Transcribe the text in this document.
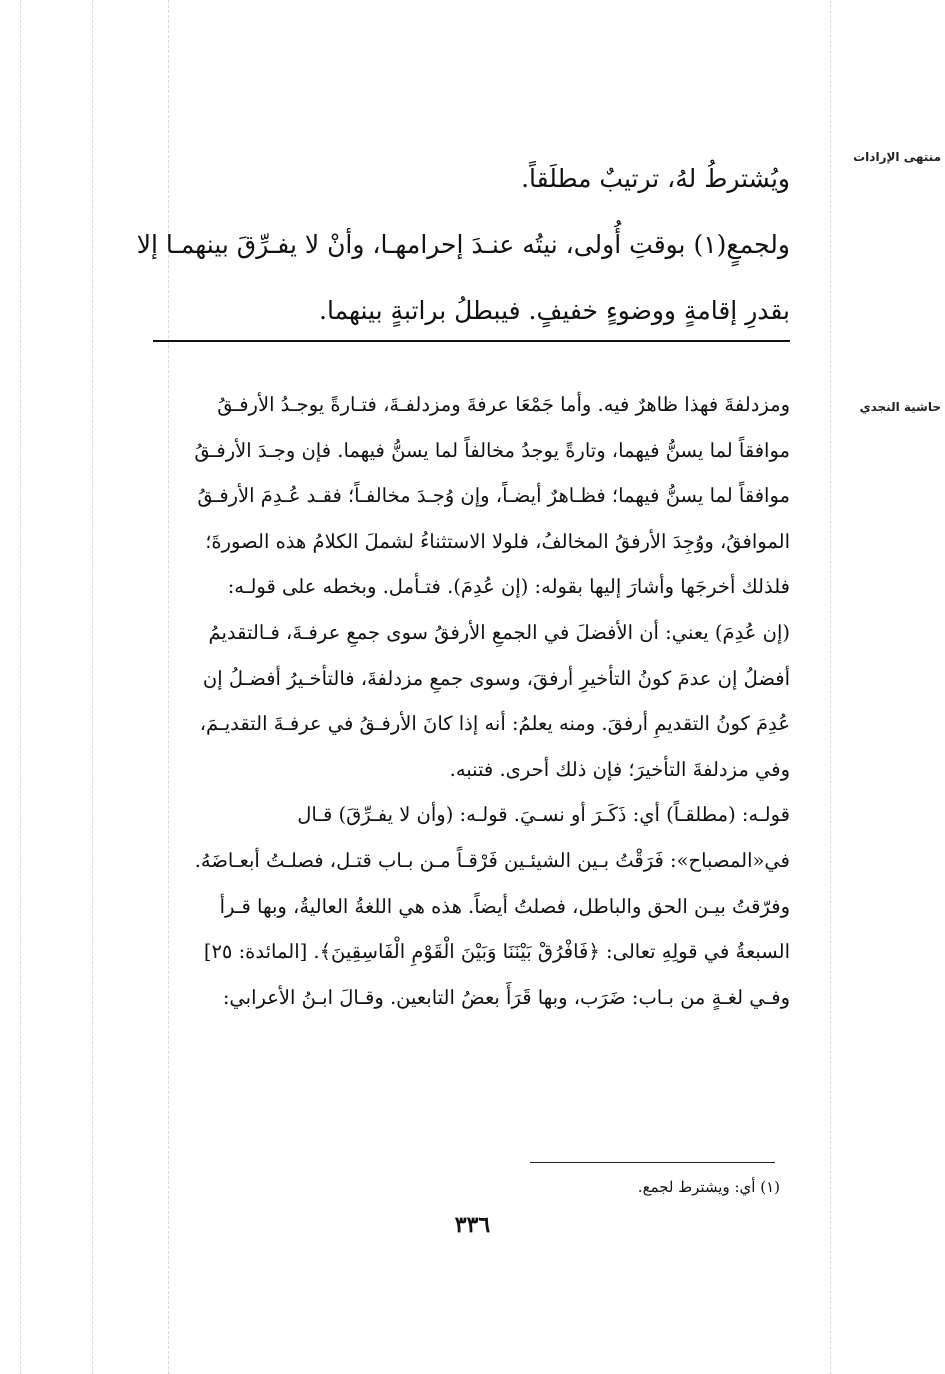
منتهى الإرادات
حاشية النجدي
ويُشترطُ لهُ، ترتيبٌ مطلَقاً.
ولجمعٍ(١) بوقتِ أُولى، نيتُه عنـدَ إحرامهـا، وأنْ لا يفـرِّقَ بينهمـا إلا
بقدرِ إقامةٍ ووضوءٍ خفيفٍ. فيبطلُ براتبةٍ بينهما.
ومزدلفةَ فهذا ظاهرٌ فيه. وأما جَمْعَا عرفةَ ومزدلفـةَ، فتـارةً يوجـدُ الأرفـقُ
موافقاً لما يسنُّ فيهما، وتارةً يوجدُ مخالفاً لما يسنُّ فيهما. فإن وجـدَ الأرفـقُ
موافقاً لما يسنُّ فيهما؛ فظـاهرٌ أيضـاً، وإن وُجـدَ مخالفـاً؛ فقـد عُـدِمَ الأرفـقُ
الموافقُ، ووُجِدَ الأرفقُ المخالفُ، فلولا الاستثناءُ لشملَ الكلامُ هذه الصورةَ؛
فلذلك أخرجَها وأشارَ إليها بقوله: (إن عُدِمَ). فتـأمل. وبخطه على قولـه:
(إن عُدِمَ) يعني: أن الأفضلَ في الجمعِ الأرفقُ سوى جمعِ عرفـةَ، فـالتقديمُ
أفضلُ إن عدمَ كونُ التأخيرِ أرفقَ، وسوى جمعِ مزدلفةَ، فالتأخـيرُ أفضـلُ إن
عُدِمَ كونُ التقديمِ أرفقَ. ومنه يعلمُ: أنه إذا كانَ الأرفـقُ في عرفـةَ التقديـمَ،
وفي مزدلفةَ التأخيرَ؛ فإن ذلك أحرى. فتنبه.
قولـه: (مطلقـاً) أي: ذَكَـرَ أو نسـيَ. قولـه: (وأن لا يفـرِّقَ) قـال
في«المصباح»: فَرَقْتُ بـين الشيئـين فَرْقـاً مـن بـاب قتـل، فصلـتُ أبعـاضَهُ.
وفرّقتُ بيـن الحق والباطل، فصلتُ أيضاً. هذه هي اللغةُ العاليةُ، وبها قـرأ
السبعةُ في قولِهِ تعالى: ﴿فَافْرُقْ بَيْنَنَا وَبَيْنَ الْقَوْمِ الْفَاسِقِينَ﴾. [المائدة: ٢٥]
وفـي لغـةٍ من بـاب: ضَرَب، وبها قَرَأَ بعضُ التابعين. وقـالَ ابـنُ الأعرابي:
(١) أي: ويشترط لجمع.
٣٣٦
